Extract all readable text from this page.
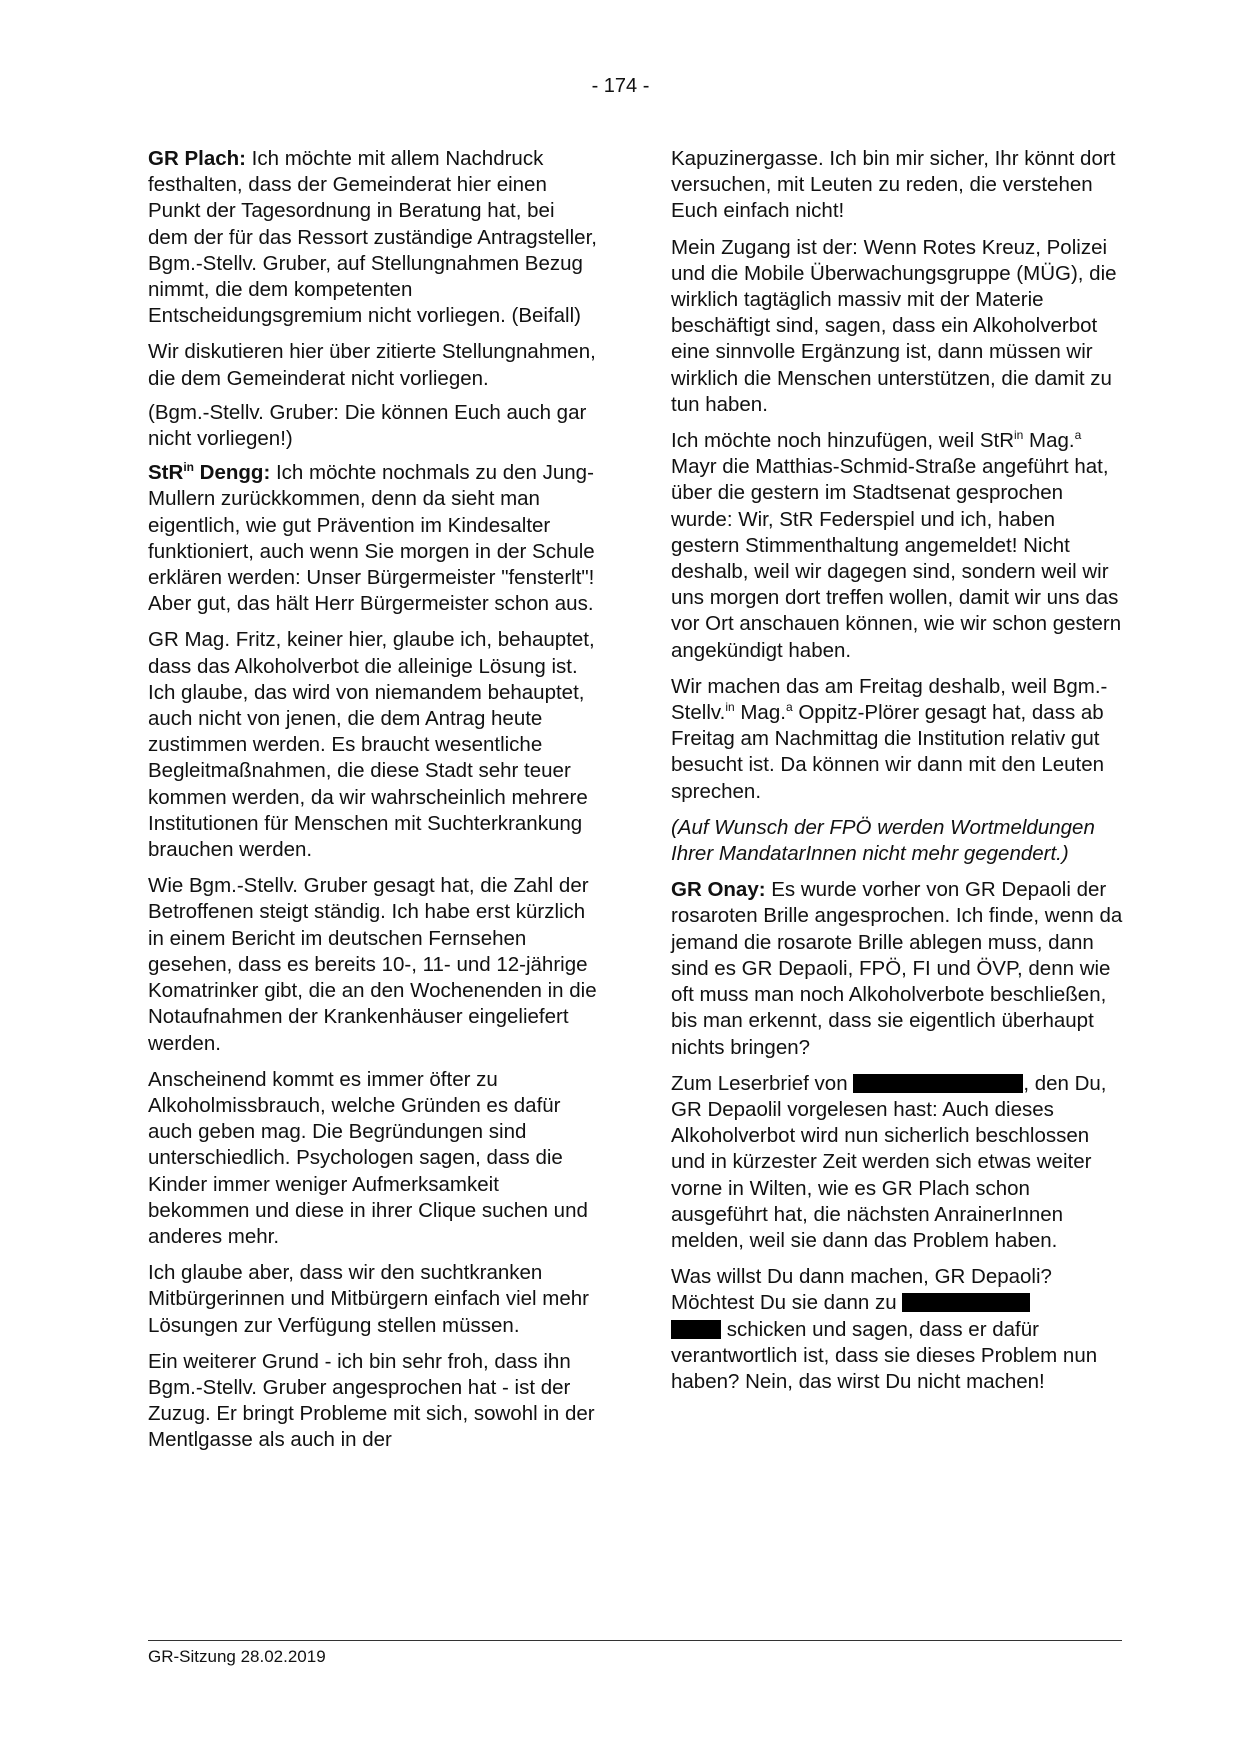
- 174 -

GR Plach: Ich möchte mit allem Nachdruck festhalten, dass der Gemeinderat hier einen Punkt der Tagesordnung in Beratung hat, bei dem der für das Ressort zuständige Antragsteller, Bgm.-Stellv. Gruber, auf Stellungnahmen Bezug nimmt, die dem kompetenten Entscheidungsgremium nicht vorliegen. (Beifall)

Wir diskutieren hier über zitierte Stellungnahmen, die dem Gemeinderat nicht vorliegen.

(Bgm.-Stellv. Gruber: Die können Euch auch gar nicht vorliegen!)

StR$^{in}$ Dengg: Ich möchte nochmals zu den Jung-Mullern zurückkommen, denn da sieht man eigentlich, wie gut Prävention im Kindesalter funktioniert, auch wenn Sie morgen in der Schule erklären werden: Unser Bürgermeister "fensterlt"! Aber gut, das hält Herr Bürgermeister schon aus.

GR Mag. Fritz, keiner hier, glaube ich, behauptet, dass das Alkoholverbot die alleinige Lösung ist. Ich glaube, das wird von niemandem behauptet, auch nicht von jenen, die dem Antrag heute zustimmen werden. Es braucht wesentliche Begleitmaßnahmen, die diese Stadt sehr teuer kommen werden, da wir wahrscheinlich mehrere Institutionen für Menschen mit Suchterkrankung brauchen werden.

Wie Bgm.-Stellv. Gruber gesagt hat, die Zahl der Betroffenen steigt ständig. Ich habe erst kürzlich in einem Bericht im deutschen Fernsehen gesehen, dass es bereits 10-, 11- und 12-jährige Komatrinker gibt, die an den Wochenenden in die Notaufnahmen der Krankenhäuser eingeliefert werden.

Anscheinend kommt es immer öfter zu Alkoholmissbrauch, welche Gründen es dafür auch geben mag. Die Begründungen sind unterschiedlich. Psychologen sagen, dass die Kinder immer weniger Aufmerksamkeit bekommen und diese in ihrer Clique suchen und anderes mehr.

Ich glaube aber, dass wir den suchtkranken Mitbürgerinnen und Mitbürgern einfach viel mehr Lösungen zur Verfügung stellen müssen.

Ein weiterer Grund - ich bin sehr froh, dass ihn Bgm.-Stellv. Gruber angesprochen hat - ist der Zuzug. Er bringt Probleme mit sich, sowohl in der Mentlgasse als auch in der

Kapuzinergasse. Ich bin mir sicher, Ihr könnt dort versuchen, mit Leuten zu reden, die verstehen Euch einfach nicht!

Mein Zugang ist der: Wenn Rotes Kreuz, Polizei und die Mobile Überwachungsgruppe (MÜG), die wirklich tagtäglich massiv mit der Materie beschäftigt sind, sagen, dass ein Alkoholverbot eine sinnvolle Ergänzung ist, dann müssen wir wirklich die Menschen unterstützen, die damit zu tun haben.

Ich möchte noch hinzufügen, weil StR$^{in}$ Mag.$^a$ Mayr die Matthias-Schmid-Straße angeführt hat, über die gestern im Stadtsenat gesprochen wurde: Wir, StR Federspiel und ich, haben gestern Stimmenthaltung angemeldet! Nicht deshalb, weil wir dagegen sind, sondern weil wir uns morgen dort treffen wollen, damit wir uns das vor Ort anschauen können, wie wir schon gestern angekündigt haben.

Wir machen das am Freitag deshalb, weil Bgm.-Stellv.$^{in}$ Mag.$^a$ Oppitz-Plörer gesagt hat, dass ab Freitag am Nachmittag die Institution relativ gut besucht ist. Da können wir dann mit den Leuten sprechen.

(Auf Wunsch der FPÖ werden Wortmeldungen Ihrer MandatarInnen nicht mehr gegendert.)

GR Onay: Es wurde vorher von GR Depaoli der rosaroten Brille angesprochen. Ich finde, wenn da jemand die rosarote Brille ablegen muss, dann sind es GR Depaoli, FPÖ, FI und ÖVP, denn wie oft muss man noch Alkoholverbote beschließen, bis man erkennt, dass sie eigentlich überhaupt nichts bringen?

Zum Leserbrief von	, den Du, GR Depaolil vorgelesen hast: Auch dieses Alkoholverbot wird nun sicherlich beschlossen und in kürzester Zeit werden sich etwas weiter vorne in Wilten, wie es GR Plach schon ausgeführt hat, die nächsten AnrainerInnen melden, weil sie dann das Problem haben.

Was willst Du dann machen, GR Depaoli? Möchtest Du sie dann zu
schicken und sagen, dass er dafür verantwortlich ist, dass sie dieses Problem nun haben? Nein, das wirst Du nicht machen!

GR-Sitzung 28.02.2019
